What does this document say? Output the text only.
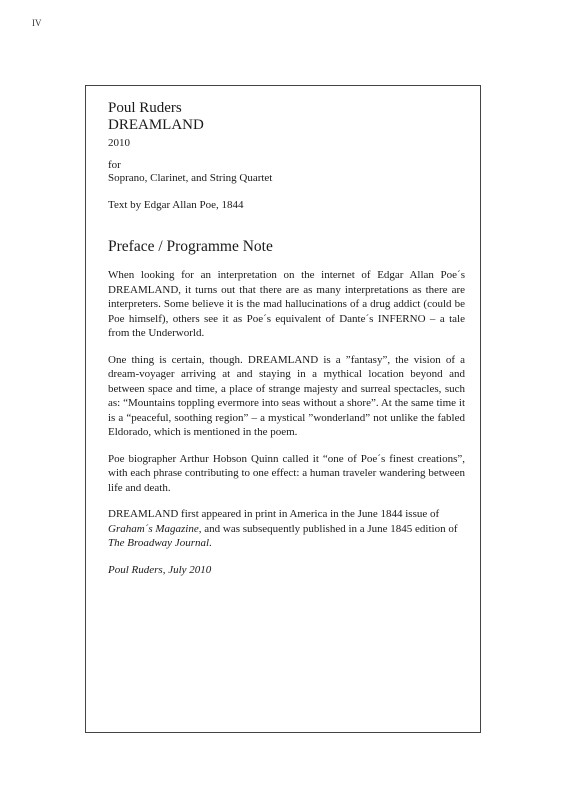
IV
Poul Ruders
DREAMLAND
2010
for
Soprano, Clarinet, and String Quartet
Text by Edgar Allan Poe, 1844
Preface / Programme Note

When looking for an interpretation on the internet of Edgar Allan Poe´s DREAMLAND, it turns out that there are as many interpretations as there are interpreters. Some believe it is the mad hallucinations of a drug addict (could be Poe himself), others see it as Poe´s equivalent of Dante´s INFERNO – a tale from the Underworld.

One thing is certain, though. DREAMLAND is a ”fantasy”, the vision of a dream-voyager arriving at and staying in a mythical location beyond and between space and time, a place of strange majesty and surreal spectacles, such as: “Mountains toppling evermore into seas without a shore”. At the same time it is a “peaceful, soothing region” – a mystical ”wonderland” not unlike the fabled Eldorado, which is mentioned in the poem.

Poe biographer Arthur Hobson Quinn called it “one of Poe´s finest creations”, with each phrase contributing to one effect: a human traveler wandering between life and death.

DREAMLAND first appeared in print in America in the June 1844 issue of Graham´s Magazine, and was subsequently published in a June 1845 edition of The Broadway Journal.

Poul Ruders, July 2010
